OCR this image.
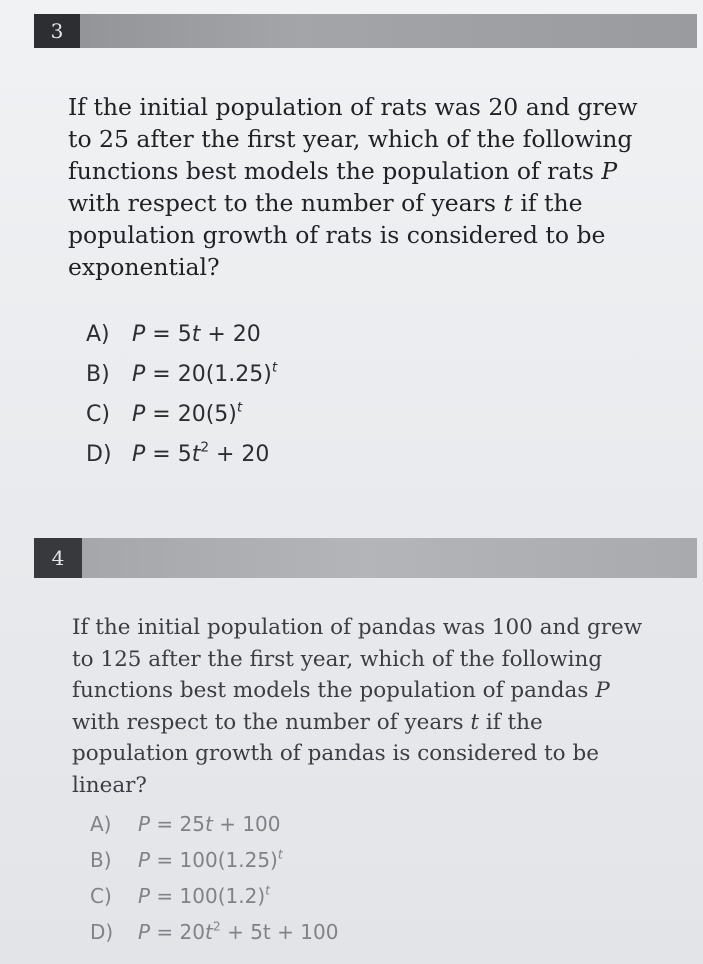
3

If the initial population of rats was 20 and grew to 25 after the first year, which of the following functions best models the population of rats P with respect to the number of years t if the population growth of rats is considered to be exponential?

A)	P = 5t + 20
B)	$P = 20(1.25)^t$
C)	$P = 20(5)^t$
D) $P = 5t^2 + 20$
4

If the initial population of pandas was 100 and grew to 125 after the first year, which of the following functions best models the population of pandas P with respect to the number of years t if the population growth of pandas is considered to be linear?

A)	P = 25t + 100
B)	$P = 100(1.25)^t$
C)	$P = 100(1.2)^t$
D)	$P = 20t^2 + 5t + 100$
